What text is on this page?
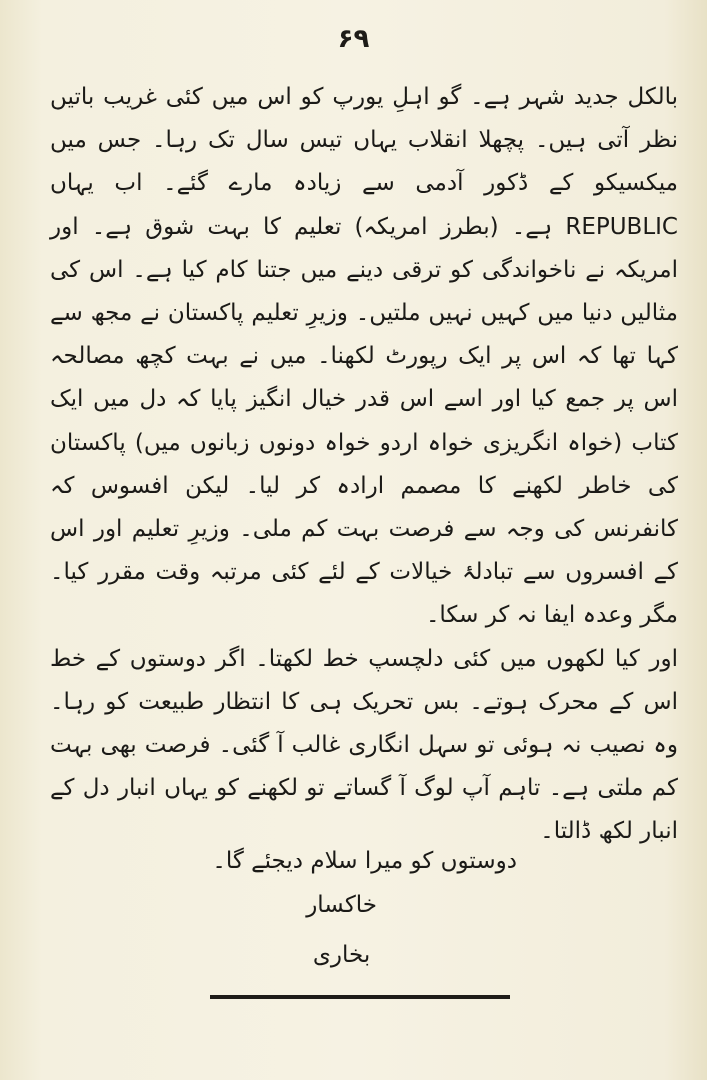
۶۹

بالکل جدید شہر ہے۔ گو اہلِ یورپ کو اس میں کئی غریب باتیں نظر آتی ہیں۔ پچھلا انقلاب یہاں تیس سال تک رہا۔ جس میں میکسیکو کے ڈکور آدمی سے زیادہ مارے گئے۔ اب یہاں REPUBLIC ہے۔ (بطرز امریکہ) تعلیم کا بہت شوق ہے۔ اور امریکہ نے ناخواندگی کو ترقی دینے میں جتنا کام کیا ہے۔ اس کی مثالیں دنیا میں کہیں نہیں ملتیں۔ وزیرِ تعلیم پاکستان نے مجھ سے کہا تھا کہ اس پر ایک رپورٹ لکھنا۔ میں نے بہت کچھ مصالحہ اس پر جمع کیا اور اسے اس قدر خیال انگیز پایا کہ دل میں ایک کتاب (خواہ انگریزی خواہ اردو خواہ دونوں زبانوں میں) پاکستان کی خاطر لکھنے کا مصمم ارادہ کر لیا۔ لیکن افسوس کہ کانفرنس کی وجہ سے فرصت بہت کم ملی۔ وزیرِ تعلیم اور اس کے افسروں سے تبادلۂ خیالات کے لئے کئی مرتبہ وقت مقرر کیا۔ مگر وعدہ ایفا نہ کر سکا۔

اور کیا لکھوں میں کئی دلچسپ خط لکھتا۔ اگر دوستوں کے خط اس کے محرک ہوتے۔ بس تحریک ہی کا انتظار طبیعت کو رہا۔ وہ نصیب نہ ہوئی تو سہل انگاری غالب آ گئی۔ فرصت بھی بہت کم ملتی ہے۔ تاہم آپ لوگ آ گساتے تو لکھنے کو یہاں انبار دل کے انبار لکھ ڈالتا۔

دوستوں کو میرا سلام دیجئے گا۔
خاکسار
بخاری
